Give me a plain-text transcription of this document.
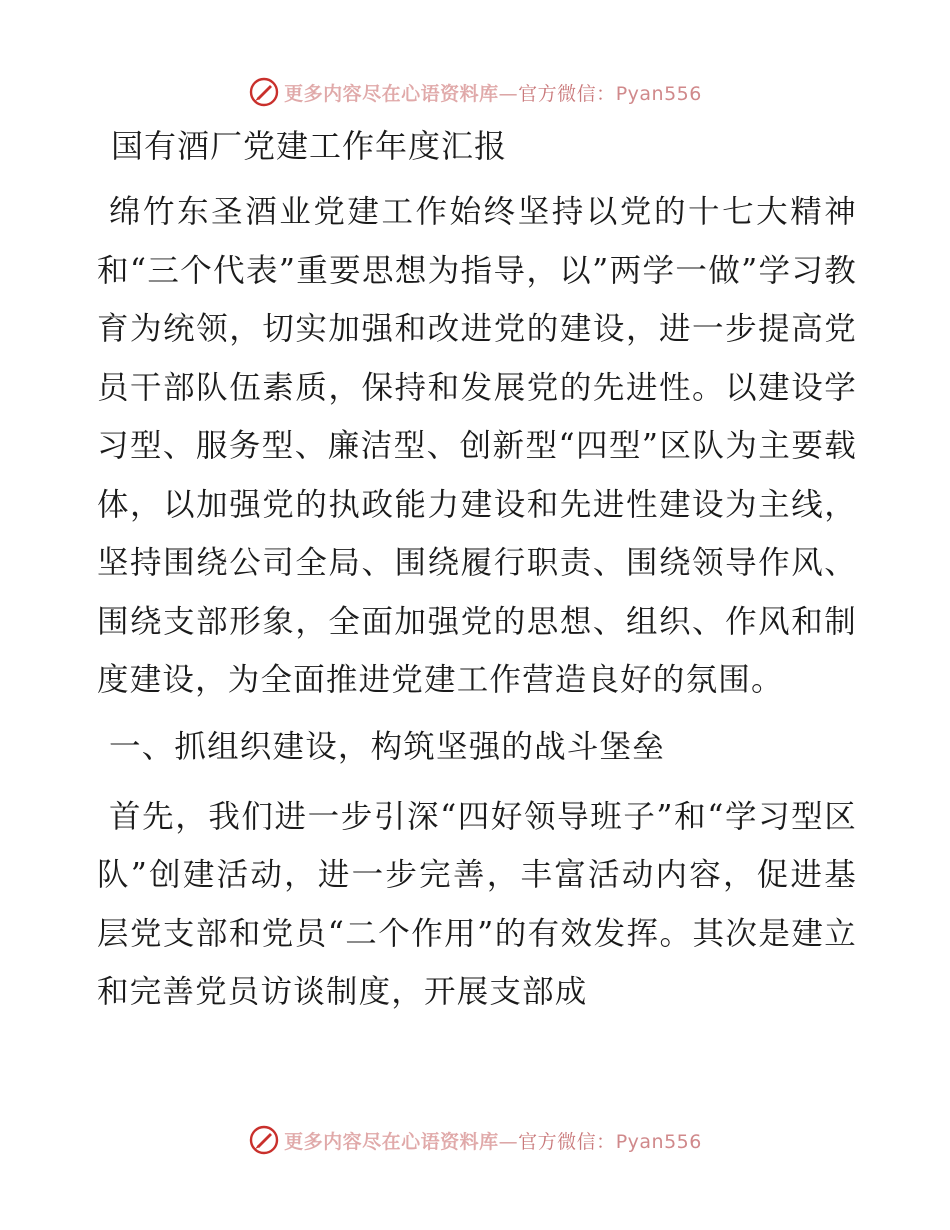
更多内容尽在心语资料库—官方微信：Pyan556
国有酒厂党建工作年度汇报

绵竹东圣酒业党建工作始终坚持以党的十七大精神和“三个代表”重要思想为指导，以”两学一做”学习教育为统领，切实加强和改进党的建设，进一步提高党员干部队伍素质，保持和发展党的先进性。以建设学习型、服务型、廉洁型、创新型“四型”区队为主要载体，以加强党的执政能力建设和先进性建设为主线，坚持围绕公司全局、围绕履行职责、围绕领导作风、围绕支部形象，全面加强党的思想、组织、作风和制度建设，为全面推进党建工作营造良好的氛围。

一、抓组织建设，构筑坚强的战斗堡垒

首先，我们进一步引深“四好领导班子”和“学习型区队”创建活动，进一步完善，丰富活动内容，促进基层党支部和党员“二个作用”的有效发挥。其次是建立和完善党员访谈制度，开展支部成

更多内容尽在心语资料库—官方微信：Pyan556
